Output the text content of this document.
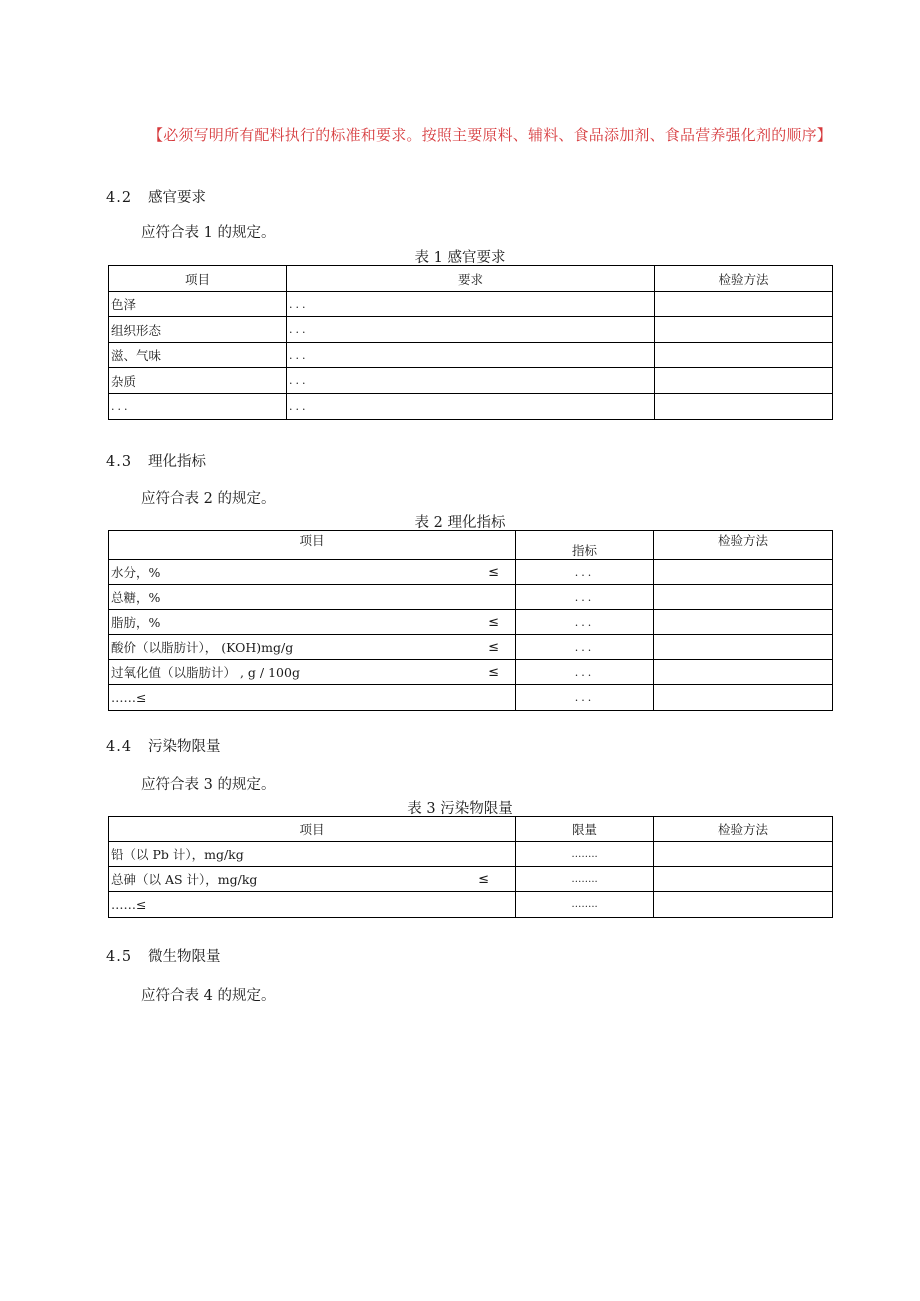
【必须写明所有配料执行的标准和要求。按照主要原料、辅料、食品添加剂、食品营养强化剂的顺序】
4.2 感官要求
应符合表 1 的规定。
表 1 感官要求
项目	要求	检验方法
色泽	...	
组织形态	...	
滋、气味	...	
杂质	...	
...	...	
4.3 理化指标
应符合表 2 的规定。
表 2 理化指标
项目	指标	检验方法

水分，% ≤	...	

总糖，%	...	

脂肪，% ≤	...	

酸价（以脂肪计）， (KOH)mg/g ≤	...	

过氧化值（以脂肪计） , g / 100g ≤	...	

……≤	...	
4.4 污染物限量
应符合表 3 的规定。
表 3 污染物限量
项目	限量	检验方法

铅（以 Pb 计），mg/kg	……..	

总砷（以 AS 计），mg/kg ≤	……..	

……≤	……..	
4.5 微生物限量
应符合表 4 的规定。
